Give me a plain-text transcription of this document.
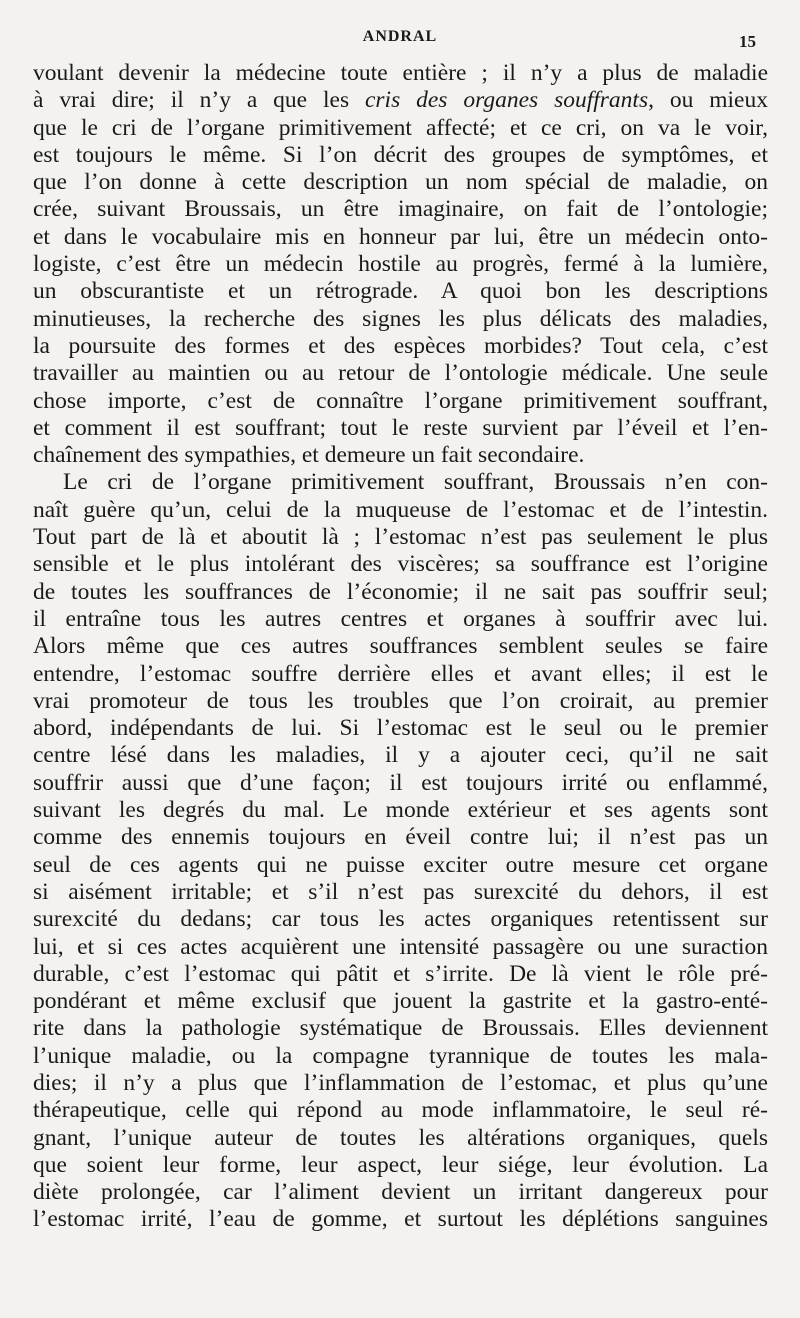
ANDRAL	15
voulant devenir la médecine toute entière ; il n’y a plus de maladie
à vrai dire; il n’y a que les cris des organes souffrants, ou mieux
que le cri de l’organe primitivement affecté; et ce cri, on va le voir,
est toujours le même. Si l’on décrit des groupes de symptômes, et
que l’on donne à cette description un nom spécial de maladie, on
crée, suivant Broussais, un être imaginaire, on fait de l’ontologie;
et dans le vocabulaire mis en honneur par lui, être un médecin onto-
logiste, c’est être un médecin hostile au progrès, fermé à la lumière,
un obscurantiste et un rétrograde. A quoi bon les descriptions
minutieuses, la recherche des signes les plus délicats des maladies,
la poursuite des formes et des espèces morbides? Tout cela, c’est
travailler au maintien ou au retour de l’ontologie médicale. Une seule
chose importe, c’est de connaître l’organe primitivement souffrant,
et comment il est souffrant; tout le reste survient par l’éveil et l’en-
chaînement des sympathies, et demeure un fait secondaire.
Le cri de l’organe primitivement souffrant, Broussais n’en con-
naît guère qu’un, celui de la muqueuse de l’estomac et de l’intestin.
Tout part de là et aboutit là ; l’estomac n’est pas seulement le plus
sensible et le plus intolérant des viscères; sa souffrance est l’origine
de toutes les souffrances de l’économie; il ne sait pas souffrir seul;
il entraîne tous les autres centres et organes à souffrir avec lui.
Alors même que ces autres souffrances semblent seules se faire
entendre, l’estomac souffre derrière elles et avant elles; il est le
vrai promoteur de tous les troubles que l’on croirait, au premier
abord, indépendants de lui. Si l’estomac est le seul ou le premier
centre lésé dans les maladies, il y a ajouter ceci, qu’il ne sait
souffrir aussi que d’une façon; il est toujours irrité ou enflammé,
suivant les degrés du mal. Le monde extérieur et ses agents sont
comme des ennemis toujours en éveil contre lui; il n’est pas un
seul de ces agents qui ne puisse exciter outre mesure cet organe
si aisément irritable; et s’il n’est pas surexcité du dehors, il est
surexcité du dedans; car tous les actes organiques retentissent sur
lui, et si ces actes acquièrent une intensité passagère ou une suraction
durable, c’est l’estomac qui pâtit et s’irrite. De là vient le rôle pré-
pondérant et même exclusif que jouent la gastrite et la gastro-enté-
rite dans la pathologie systématique de Broussais. Elles deviennent
l’unique maladie, ou la compagne tyrannique de toutes les mala-
dies; il n’y a plus que l’inflammation de l’estomac, et plus qu’une
thérapeutique, celle qui répond au mode inflammatoire, le seul ré-
gnant, l’unique auteur de toutes les altérations organiques, quels
que soient leur forme, leur aspect, leur siége, leur évolution. La
diète prolongée, car l’aliment devient un irritant dangereux pour
l’estomac irrité, l’eau de gomme, et surtout les déplétions sanguines
